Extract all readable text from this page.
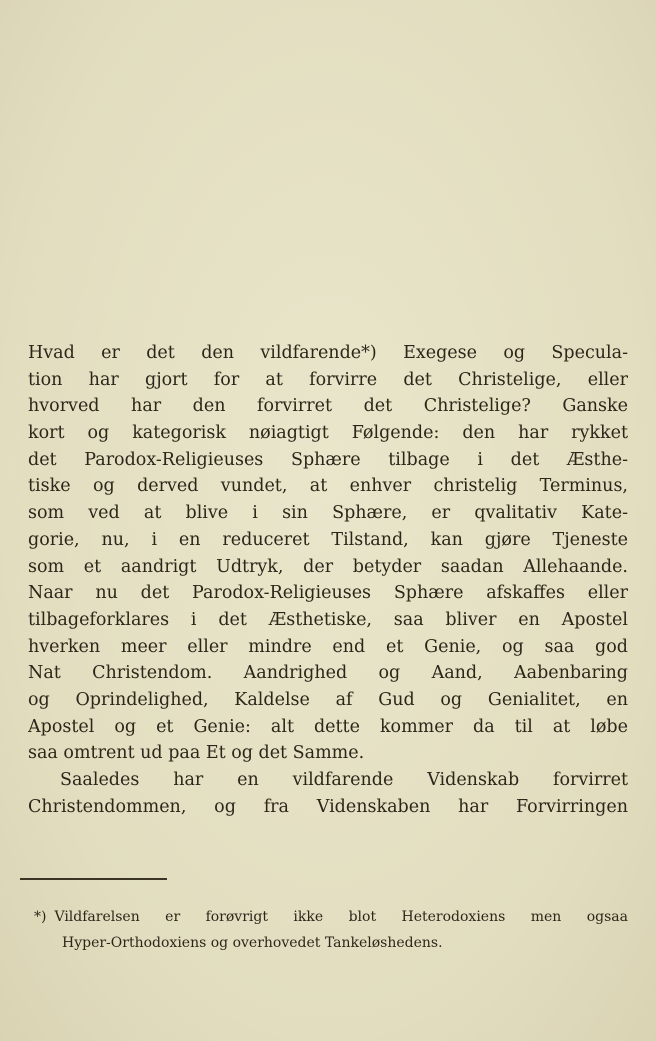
Hvad er det den vildfarende*) Exegese og Specula-
tion har gjort for at forvirre det Christelige, eller
hvorved har den forvirret det Christelige? Ganske
kort og kategorisk nøiagtigt Følgende: den har rykket
det Parodox-Religieuses Sphære tilbage i det Æsthe-
tiske og derved vundet, at enhver christelig Terminus,
som ved at blive i sin Sphære, er qvalitativ Kate-
gorie, nu, i en reduceret Tilstand, kan gjøre Tjeneste
som et aandrigt Udtryk, der betyder saadan Allehaande.
Naar nu det Parodox-Religieuses Sphære afskaffes eller
tilbageforklares i det Æsthetiske, saa bliver en Apostel
hverken meer eller mindre end et Genie, og saa god
Nat Christendom. Aandrighed og Aand, Aabenbaring
og Oprindelighed, Kaldelse af Gud og Genialitet, en
Apostel og et Genie: alt dette kommer da til at løbe
saa omtrent ud paa Et og det Samme.
Saaledes har en vildfarende Videnskab forvirret
Christendommen, og fra Videnskaben har Forvirringen
*) Vildfarelsen er forøvrigt ikke blot Heterodoxiens men ogsaa
Hyper-Orthodoxiens og overhovedet Tankeløshedens.
